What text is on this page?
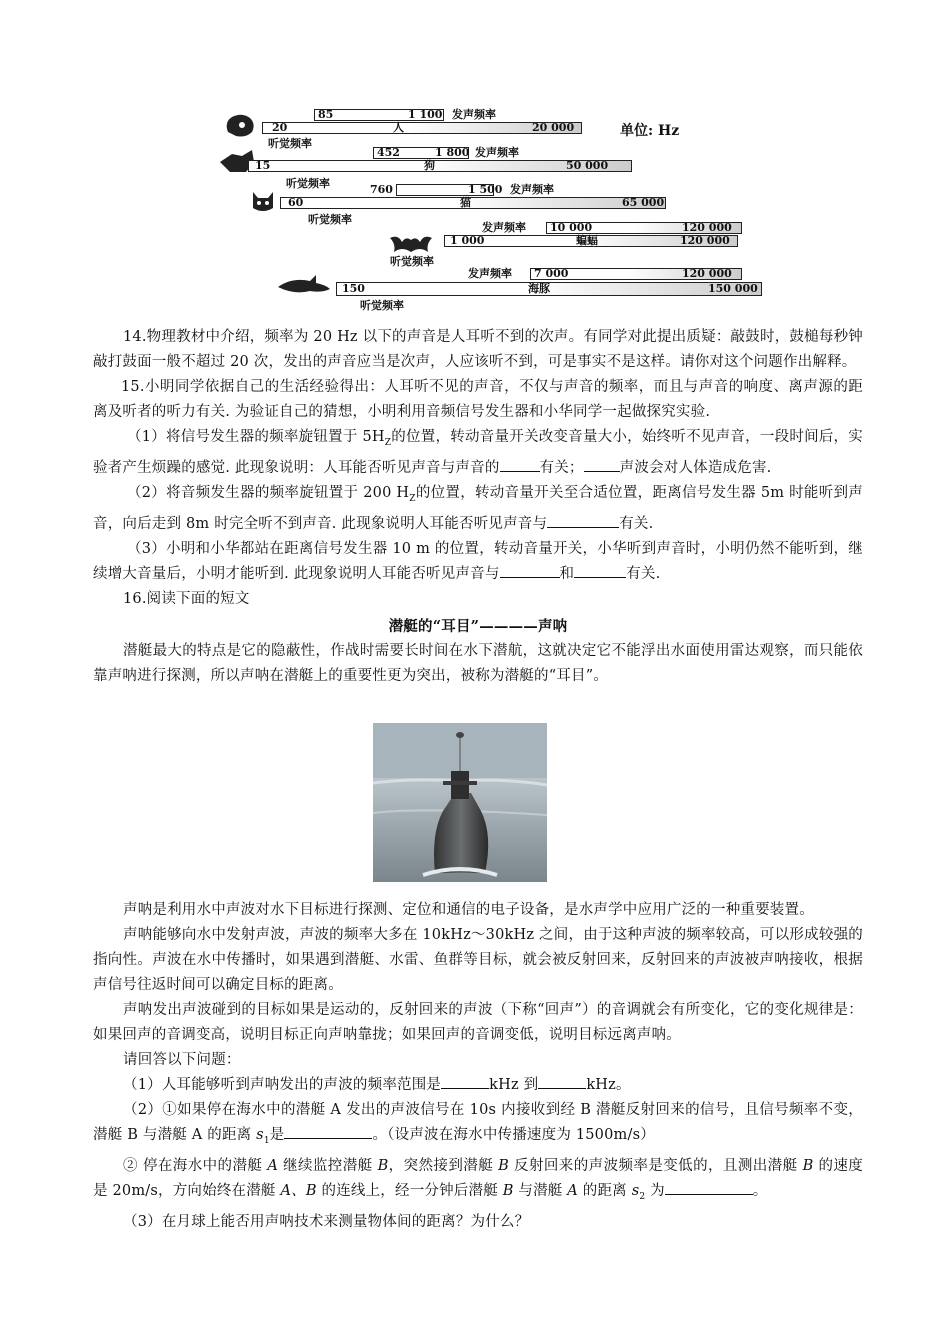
单位: Hz
85	1 100 发声频率
20	人	20 000
听觉频率
452	1 800 发声频率
15	狗	50 000
听觉频率	760	1 500 发声频率
60	猫	65 000
听觉频率
发声频率 10 000	120 000
1 000	蝙蝠	120 000
听觉频率
发声频率 7 000	120 000
150	海豚	150 000
听觉频率

14.物理教材中介绍，频率为 20 Hz 以下的声音是人耳听不到的次声。有同学对此提出质疑：敲鼓时，鼓槌每秒钟敲打鼓面一般不超过 20 次，发出的声音应当是次声，人应该听不到，可是事实不是这样。请你对这个问题作出解释。

15.小明同学依据自己的生活经验得出：人耳听不见的声音，不仅与声音的频率，而且与声音的响度、离声源的距离及听者的听力有关. 为验证自己的猜想，小明利用音频信号发生器和小华同学一起做探究实验.

（1）将信号发生器的频率旋钮置于 $5H_Z$的位置，转动音量开关改变音量大小，始终听不见声音，一段时间后，实验者产生烦躁的感觉. 此现象说明：人耳能否听见声音与声音的	有关； 声波会对人体造成危害.

（2）将音频发生器的频率旋钮置于 200 $H_Z$的位置，转动音量开关至合适位置，距离信号发生器 5m 时能听到声音，向后走到 8m 时完全听不到声音. 此现象说明人耳能否听见声音与	有关.

（3）小明和小华都站在距离信号发生器 10 m 的位置，转动音量开关，小华听到声音时，小明仍然不能听到，继续增大音量后，小明才能听到. 此现象说明人耳能否听见声音与	和	有关.

16.阅读下面的短文

潜艇的“耳目”————声呐

潜艇最大的特点是它的隐蔽性，作战时需要长时间在水下潜航，这就决定它不能浮出水面使用雷达观察，而只能依靠声呐进行探测，所以声呐在潜艇上的重要性更为突出，被称为潜艇的“耳目”。

声呐是利用水中声波对水下目标进行探测、定位和通信的电子设备，是水声学中应用广泛的一种重要装置。

声呐能够向水中发射声波，声波的频率大多在 10kHz～30kHz 之间，由于这种声波的频率较高，可以形成较强的指向性。声波在水中传播时，如果遇到潜艇、水雷、鱼群等目标，就会被反射回来，反射回来的声波被声呐接收，根据声信号往返时间可以确定目标的距离。

声呐发出声波碰到的目标如果是运动的，反射回来的声波（下称“回声”）的音调就会有所变化，它的变化规律是：如果回声的音调变高，说明目标正向声呐靠拢；如果回声的音调变低，说明目标远离声呐。

请回答以下问题：

（1）人耳能够听到声呐发出的声波的频率范围是	kHz 到	kHz。

（2）①如果停在海水中的潜艇 A 发出的声波信号在 10s 内接收到经 B 潜艇反射回来的信号，且信号频率不变，潜艇 B 与潜艇 A 的距离 $s_1$是	。（设声波在海水中传播速度为 1500m/s）

② 停在海水中的潜艇 A 继续监控潜艇 B，突然接到潜艇 B 反射回来的声波频率是变低的，且测出潜艇 B 的速度是 20m/s，方向始终在潜艇 A、B 的连线上，经一分钟后潜艇 B 与潜艇 A 的距离 $s_2$ 为	。

（3）在月球上能否用声呐技术来测量物体间的距离？为什么？
